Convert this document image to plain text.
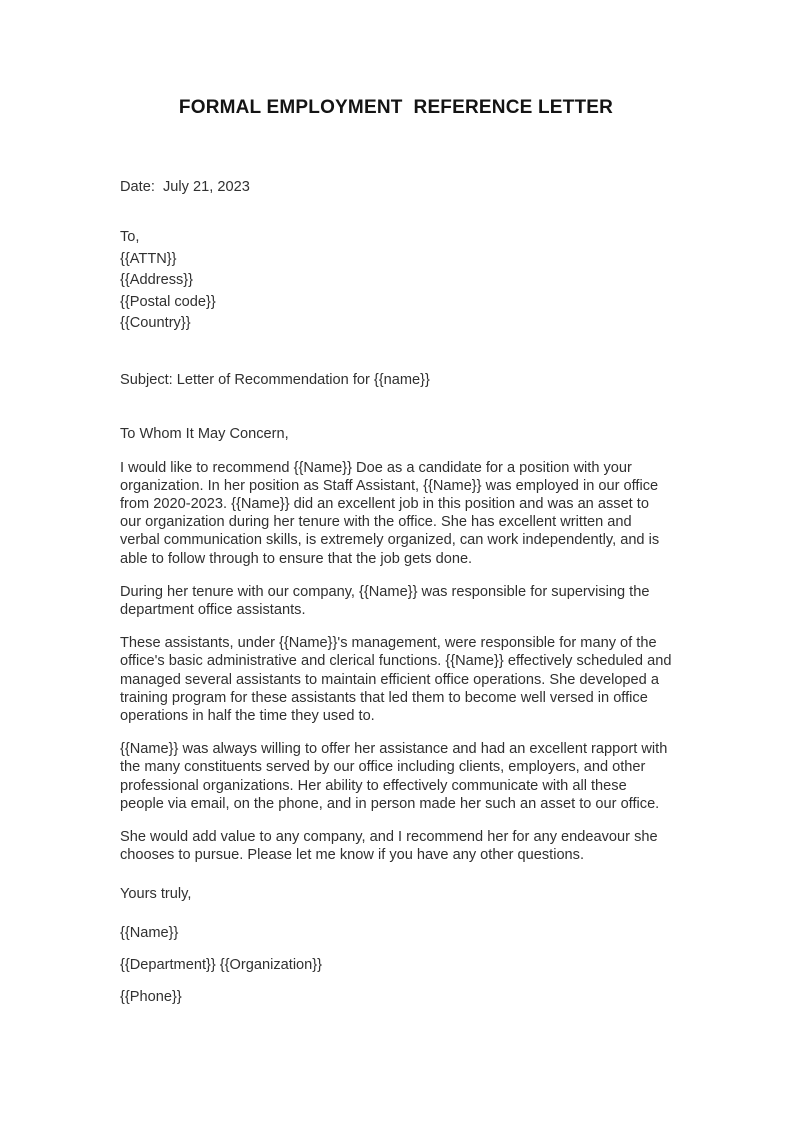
FORMAL EMPLOYMENT  REFERENCE LETTER
Date:  July 21, 2023
To,
{{ATTN}}
{{Address}}
{{Postal code}}
{{Country}}
Subject: Letter of Recommendation for {{name}}
To Whom It May Concern,

I would like to recommend {{Name}} Doe as a candidate for a position with your organization. In her position as Staff Assistant, {{Name}} was employed in our office from 2020-2023. {{Name}} did an excellent job in this position and was an asset to our organization during her tenure with the office. She has excellent written and verbal communication skills, is extremely organized, can work independently, and is able to follow through to ensure that the job gets done.

During her tenure with our company, {{Name}} was responsible for supervising the department office assistants.

These assistants, under {{Name}}'s management, were responsible for many of the office's basic administrative and clerical functions. {{Name}} effectively scheduled and managed several assistants to maintain efficient office operations. She developed a training program for these assistants that led them to become well versed in office operations in half the time they used to.

{{Name}} was always willing to offer her assistance and had an excellent rapport with the many constituents served by our office including clients, employers, and other professional organizations. Her ability to effectively communicate with all these people via email, on the phone, and in person made her such an asset to our office.

She would add value to any company, and I recommend her for any endeavour she chooses to pursue. Please let me know if you have any other questions.

Yours truly,
{{Name}}
{{Department}} {{Organization}}
{{Phone}}
